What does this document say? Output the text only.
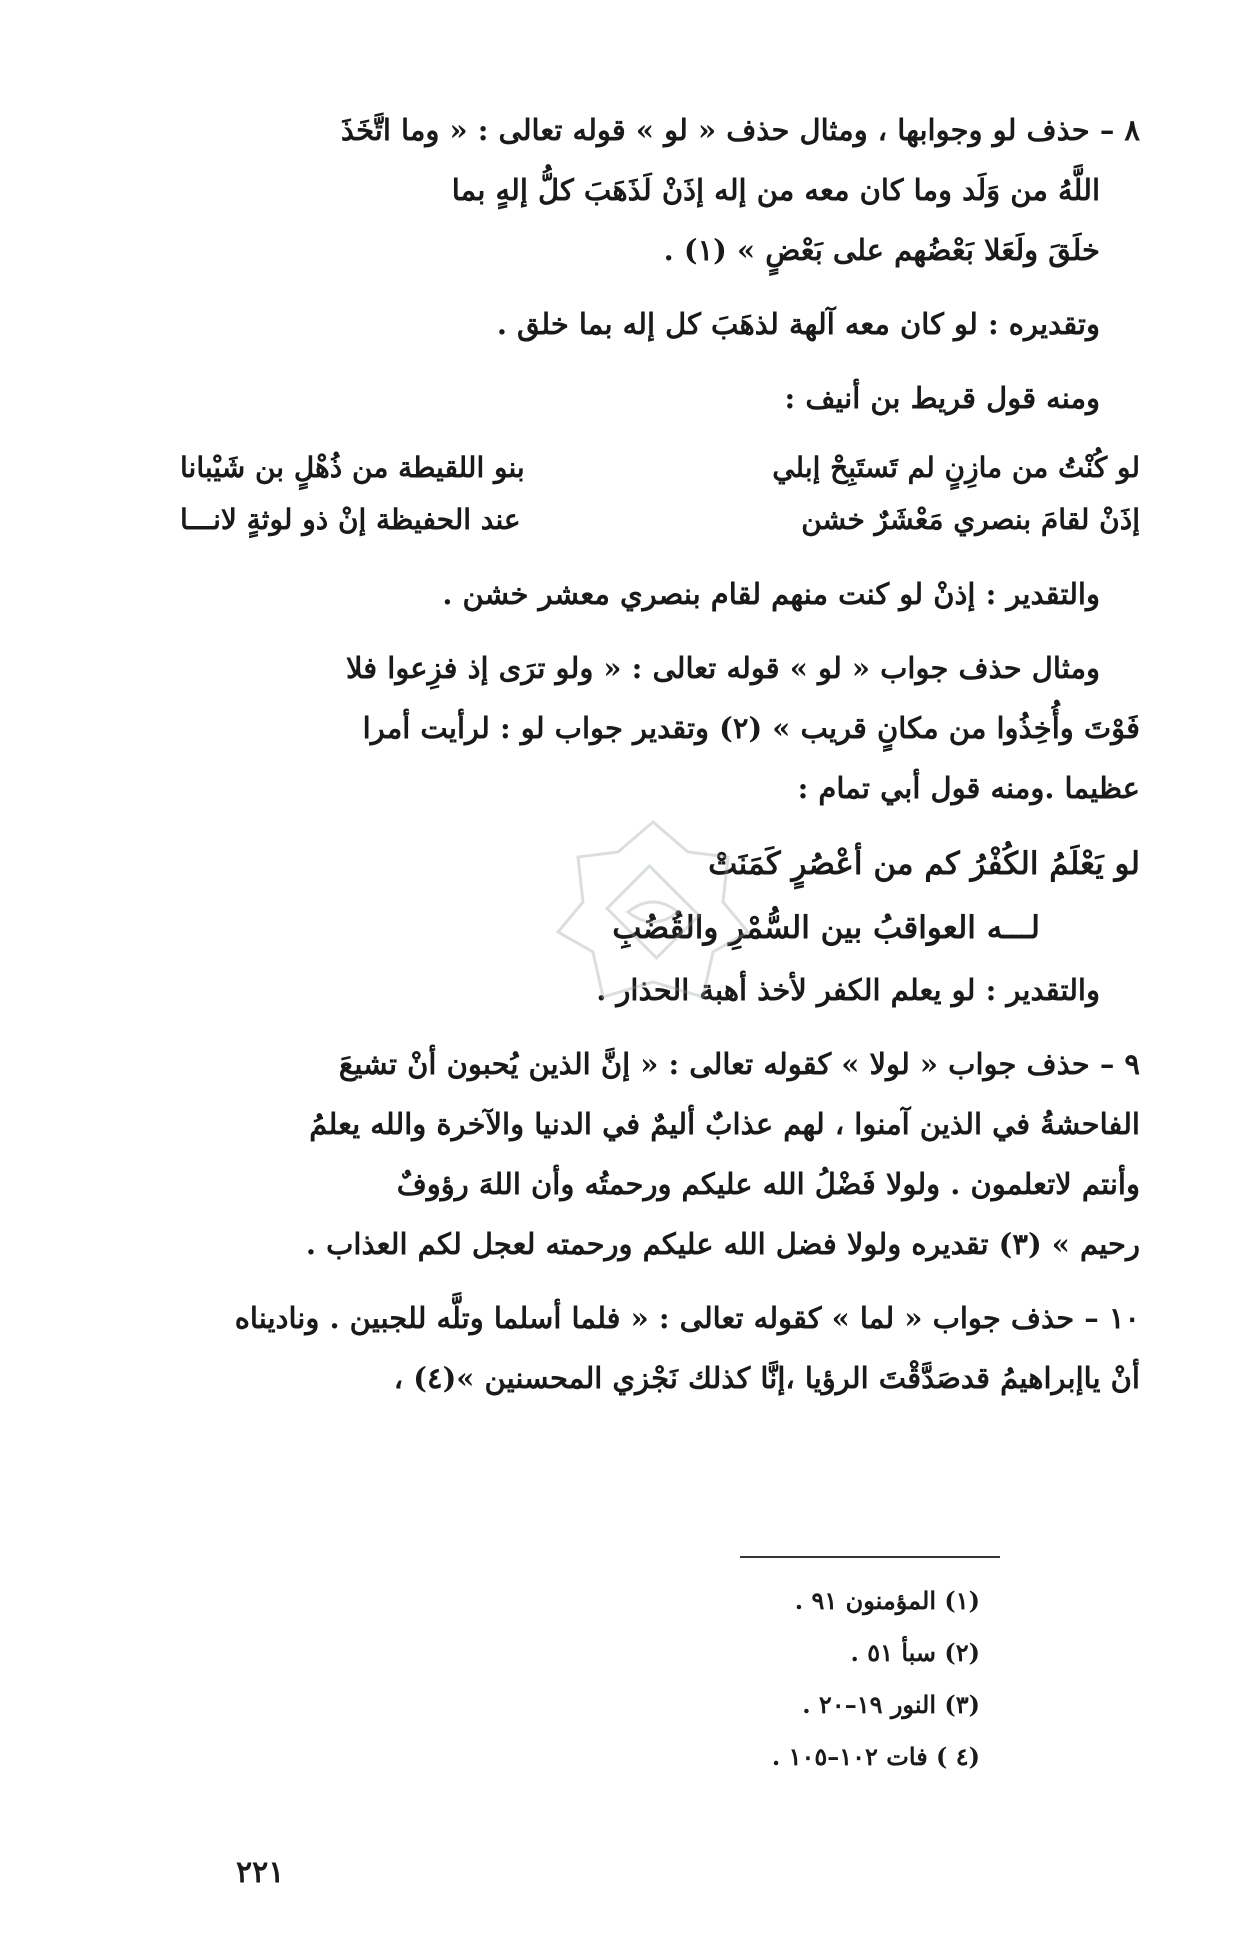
٨ – حذف لو وجوابها ، ومثال حذف « لو » قوله تعالى : « وما اتَّخَذَ
اللَّهُ من وَلَد وما كان معه من إله إذَنْ لَذَهَبَ كلُّ إلهٍ بما
خلَقَ ولَعَلا بَعْضُهم على بَعْضٍ » (١) .
وتقديره : لو كان معه آلهة لذهَبَ كل إله بما خلق .
ومنه قول قريط بن أنيف :
لو كُنْتُ من مازِنٍ لم تَستَبِحْ إبلي
بنو اللقيطة من ذُهْلٍ بن شَيْبانا
إذَنْ لقامَ بنصري مَعْشَرٌ خشن
عند الحفيظة إنْ ذو لوثةٍ لانـــا
والتقدير : إذنْ لو كنت منهم لقام بنصري معشر خشن .
ومثال حذف جواب « لو » قوله تعالى : « ولو ترَى إذ فزِعوا فلا
فَوْتَ وأُخِذُوا من مكانٍ قريب » (٢) وتقدير جواب لو : لرأيت أمرا
عظيما .ومنه قول أبي تمام :
لو يَعْلَمُ الكُفْرُ كم من أعْصُرٍ كَمَنَتْ
لـــه العواقبُ بين السُّمْرِ والقُضُبِ
والتقدير : لو يعلم الكفر لأخذ أهبة الحذار .
٩ – حذف جواب « لولا » كقوله تعالى : « إنَّ الذين يُحبون أنْ تشيعَ
الفاحشةُ في الذين آمنوا ، لهم عذابٌ أليمٌ في الدنيا والآخرة والله يعلمُ
وأنتم لاتعلمون . ولولا فَضْلُ الله عليكم ورحمتُه وأن اللهَ رؤوفٌ
رحيم » (٣) تقديره ولولا فضل الله عليكم ورحمته لعجل لكم العذاب .
١٠ – حذف جواب « لما » كقوله تعالى : « فلما أسلما وتلَّه للجبين . وناديناه
أنْ ياإبراهيمُ قدصَدَّقْتَ الرؤيا ،إنَّا كذلك نَجْزي المحسنين »(٤) ،
(١) المؤمنون ٩١ .
(٢) سبأ ٥١ .
(٣) النور ١٩–٢٠ .
(٤ ) فات ١٠٢–١٠٥ .
٢٢١
